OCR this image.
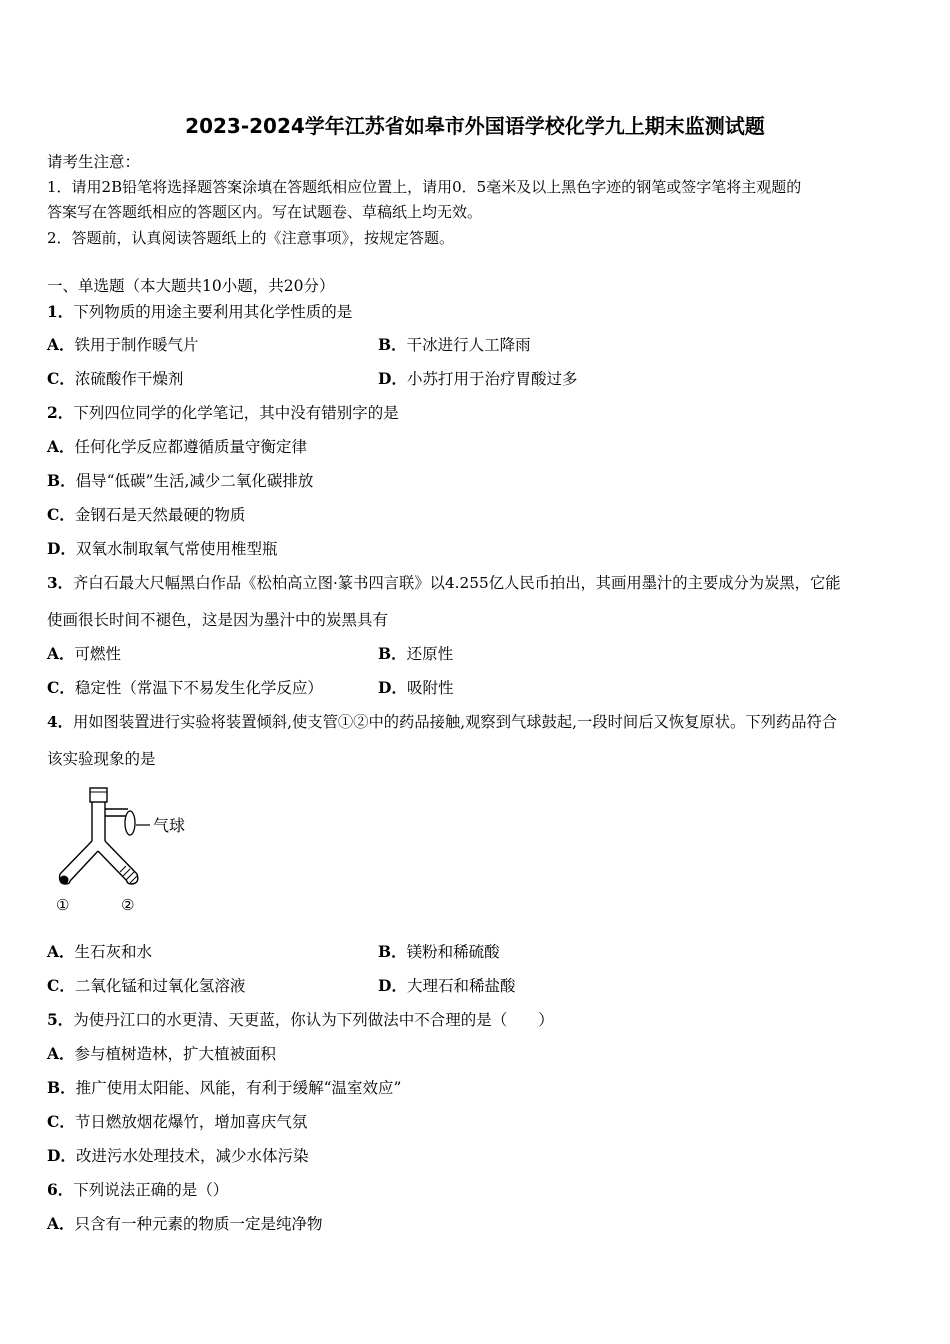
2023-2024学年江苏省如皋市外国语学校化学九上期末监测试题
请考生注意：
1．请用2B铅笔将选择题答案涂填在答题纸相应位置上，请用0．5毫米及以上黑色字迹的钢笔或签字笔将主观题的
答案写在答题纸相应的答题区内。写在试题卷、草稿纸上均无效。
2．答题前，认真阅读答题纸上的《注意事项》，按规定答题。
一、单选题（本大题共10小题，共20分）
1．下列物质的用途主要利用其化学性质的是
A．铁用于制作暖气片	B．干冰进行人工降雨
C．浓硫酸作干燥剂	D．小苏打用于治疗胃酸过多
2．下列四位同学的化学笔记，其中没有错别字的是
A．任何化学反应都遵循质量守衡定律
B．倡导“低碳”生活,减少二氧化碳排放
C．金钢石是天然最硬的物质
D．双氧水制取氧气常使用椎型瓶
3．齐白石最大尺幅黑白作品《松柏高立图·篆书四言联》以4.255亿人民币拍出，其画用墨汁的主要成分为炭黑，它能
使画很长时间不褪色，这是因为墨汁中的炭黑具有
A．可燃性	B．还原性
C．稳定性（常温下不易发生化学反应）	D．吸附性
4．用如图装置进行实验将装置倾斜,使支管①②中的药品接触,观察到气球鼓起,一段时间后又恢复原状。下列药品符合
该实验现象的是
气球
①	②
A．生石灰和水	B．镁粉和稀硫酸
C．二氧化锰和过氧化氢溶液	D．大理石和稀盐酸
5．为使丹江口的水更清、天更蓝，你认为下列做法中不合理的是（　　）
A．参与植树造林，扩大植被面积
B．推广使用太阳能、风能，有利于缓解“温室效应”
C．节日燃放烟花爆竹，增加喜庆气氛
D．改进污水处理技术，减少水体污染
6．下列说法正确的是（）
A．只含有一种元素的物质一定是纯净物
